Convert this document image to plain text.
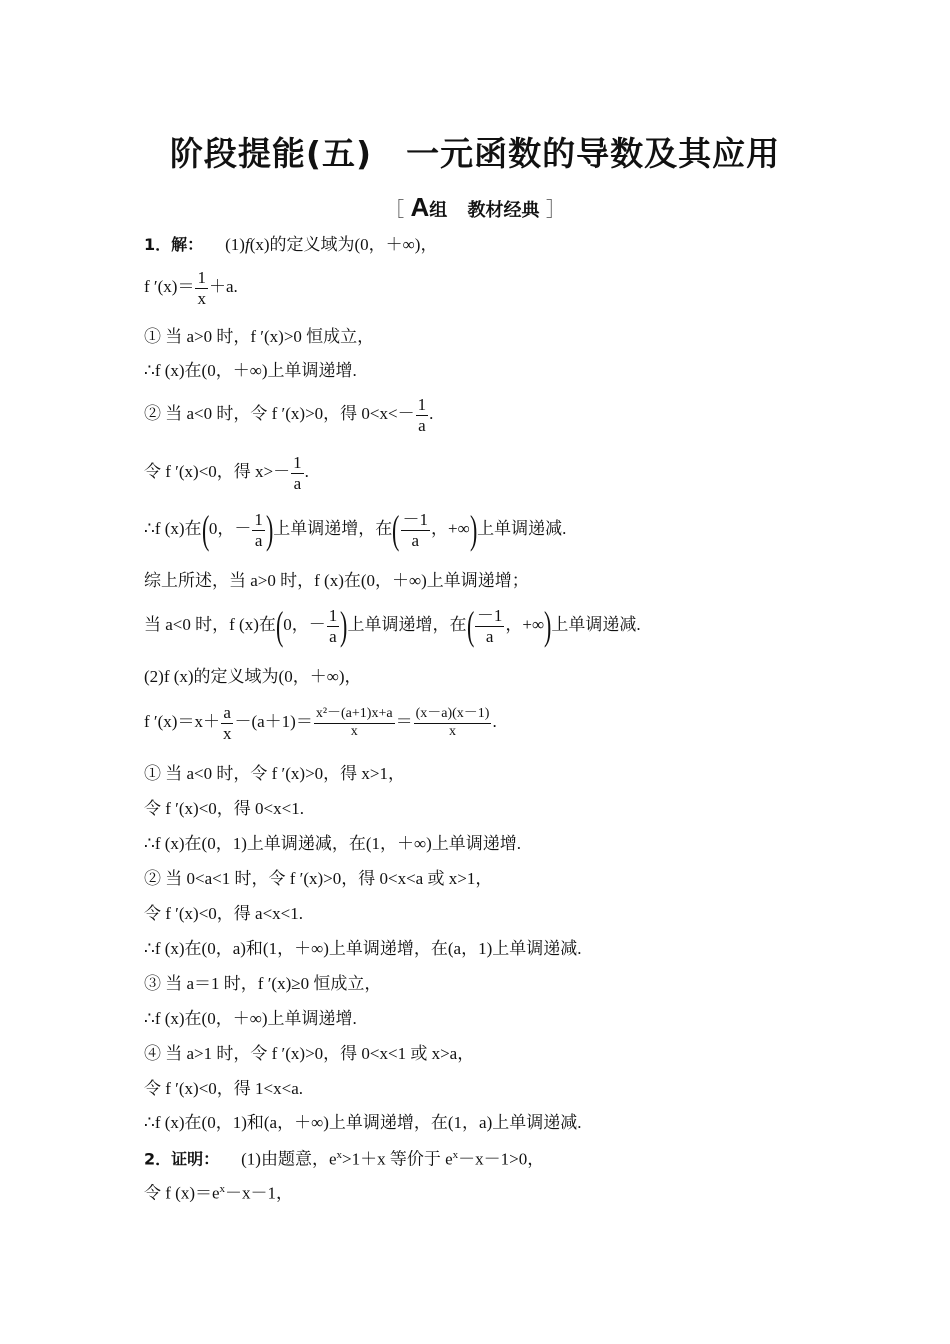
阶段提能(五) 一元函数的导数及其应用
［ A组 教材经典 ］
1．解： (1)f(x)的定义域为(0，＋∞)，
f $'(x)= \frac{1}{x} +a$.
① 当 a>0 时，f ′(x)>0 恒成立，
∴f (x)在(0，＋∞)上单调递增.
② 当 a<0 时，令 f ′(x)>0，得 $0<x<- \frac{1}{a}$ .
令 f ′(x)<0，得 $x>- \frac{1}{a}$ .
∴f (x)在(0，－ $\frac{1}{a}$ )上单调递增，在( $\frac{-1}{a}$ ，+∞)上单调递减.
综上所述，当 a>0 时，f (x)在(0，＋∞)上单调递增；
当 a<0 时，f (x)在(0，－ $\frac{1}{a}$ )上单调递增，在( $\frac{-1}{a}$ ，+∞)上单调递减.
(2)f (x)的定义域为(0，＋∞)，
f $'(x)=x+ \frac{a}{x} -(a+1)= \frac{\text{x²－(a+1)x+a}}{x} = \frac{(x-a)(x-1)}{x}$ .
① 当 a<0 时，令 f ′(x)>0，得 x>1，
令 f ′(x)<0，得 0<x<1.
∴f (x)在(0，1)上单调递减，在(1，＋∞)上单调递增.
② 当 0<a<1 时，令 f ′(x)>0，得 0<x<a 或 x>1，
令 f ′(x)<0，得 a<x<1.
∴f (x)在(0，a)和(1，＋∞)上单调递增，在(a，1)上单调递减.
③ 当 a＝1 时，f ′(x)≥0 恒成立，
∴f (x)在(0，＋∞)上单调递增.
④ 当 a>1 时，令 f ′(x)>0，得 0<x<1 或 x>a，
令 f ′(x)<0，得 1<x<a.
∴f (x)在(0，1)和(a，＋∞)上单调递增，在(1，a)上单调递减.
2．证明： (1)由题意，$e^x>1+x$ 等价于 $e^x-x-1>0$，
令 f $(x)=e^x-x-1$，
